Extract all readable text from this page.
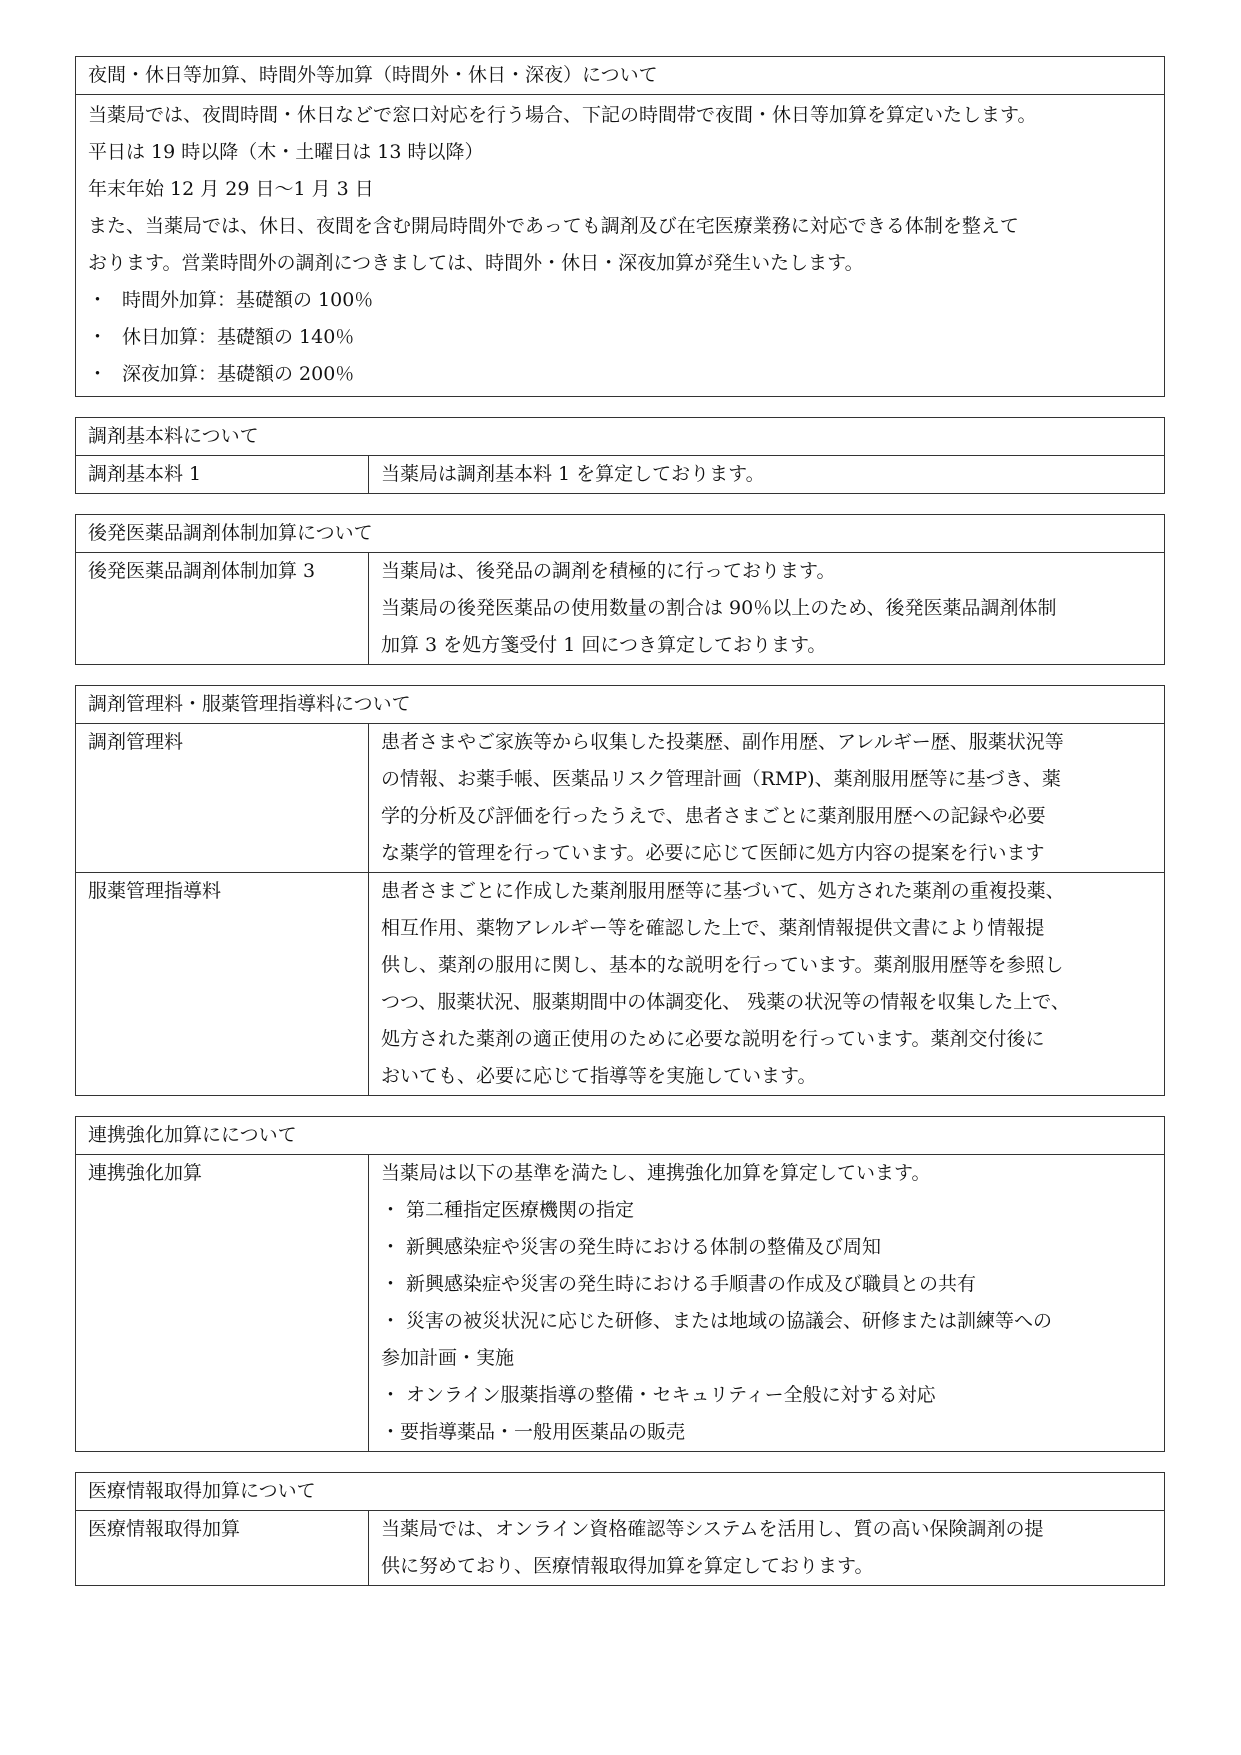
夜間・休日等加算、時間外等加算（時間外・休日・深夜）について
当薬局では、夜間時間・休日などで窓口対応を行う場合、下記の時間帯で夜間・休日等加算を算定いたします。
平日は 19 時以降（木・土曜日は 13 時以降）
年末年始 12 月 29 日～1 月 3 日
また、当薬局では、休日、夜間を含む開局時間外であっても調剤及び在宅医療業務に対応できる体制を整えて
おります。営業時間外の調剤につきましては、時間外・休日・深夜加算が発生いたします。
・ 時間外加算：基礎額の 100％
・ 休日加算：基礎額の 140％
・ 深夜加算：基礎額の 200％
調剤基本料について
調剤基本料 1	当薬局は調剤基本料 1 を算定しております。
後発医薬品調剤体制加算について
後発医薬品調剤体制加算 3	当薬局は、後発品の調剤を積極的に行っております。
当薬局の後発医薬品の使用数量の割合は 90％以上のため、後発医薬品調剤体制
加算 3 を処方箋受付 1 回につき算定しております。
調剤管理料・服薬管理指導料について
調剤管理料	患者さまやご家族等から収集した投薬歴、副作用歴、アレルギー歴、服薬状況等
の情報、お薬手帳、医薬品リスク管理計画（RMP)、薬剤服用歴等に基づき、薬
学的分析及び評価を行ったうえで、患者さまごとに薬剤服用歴への記録や必要
な薬学的管理を行っています。必要に応じて医師に処方内容の提案を行います
服薬管理指導料	患者さまごとに作成した薬剤服用歴等に基づいて、処方された薬剤の重複投薬、
相互作用、薬物アレルギー等を確認した上で、薬剤情報提供文書により情報提
供し、薬剤の服用に関し、基本的な説明を行っています。薬剤服用歴等を参照し
つつ、服薬状況、服薬期間中の体調変化、 残薬の状況等の情報を収集した上で、
処方された薬剤の適正使用のために必要な説明を行っています。薬剤交付後に
おいても、必要に応じて指導等を実施しています。
連携強化加算にについて
連携強化加算	当薬局は以下の基準を満たし、連携強化加算を算定しています。
・ 第二種指定医療機関の指定
・ 新興感染症や災害の発生時における体制の整備及び周知
・ 新興感染症や災害の発生時における手順書の作成及び職員との共有
・ 災害の被災状況に応じた研修、または地域の協議会、研修または訓練等への
参加計画・実施
・ オンライン服薬指導の整備・セキュリティー全般に対する対応
・要指導薬品・一般用医薬品の販売
医療情報取得加算について
医療情報取得加算	当薬局では、オンライン資格確認等システムを活用し、質の高い保険調剤の提
供に努めており、医療情報取得加算を算定しております。
